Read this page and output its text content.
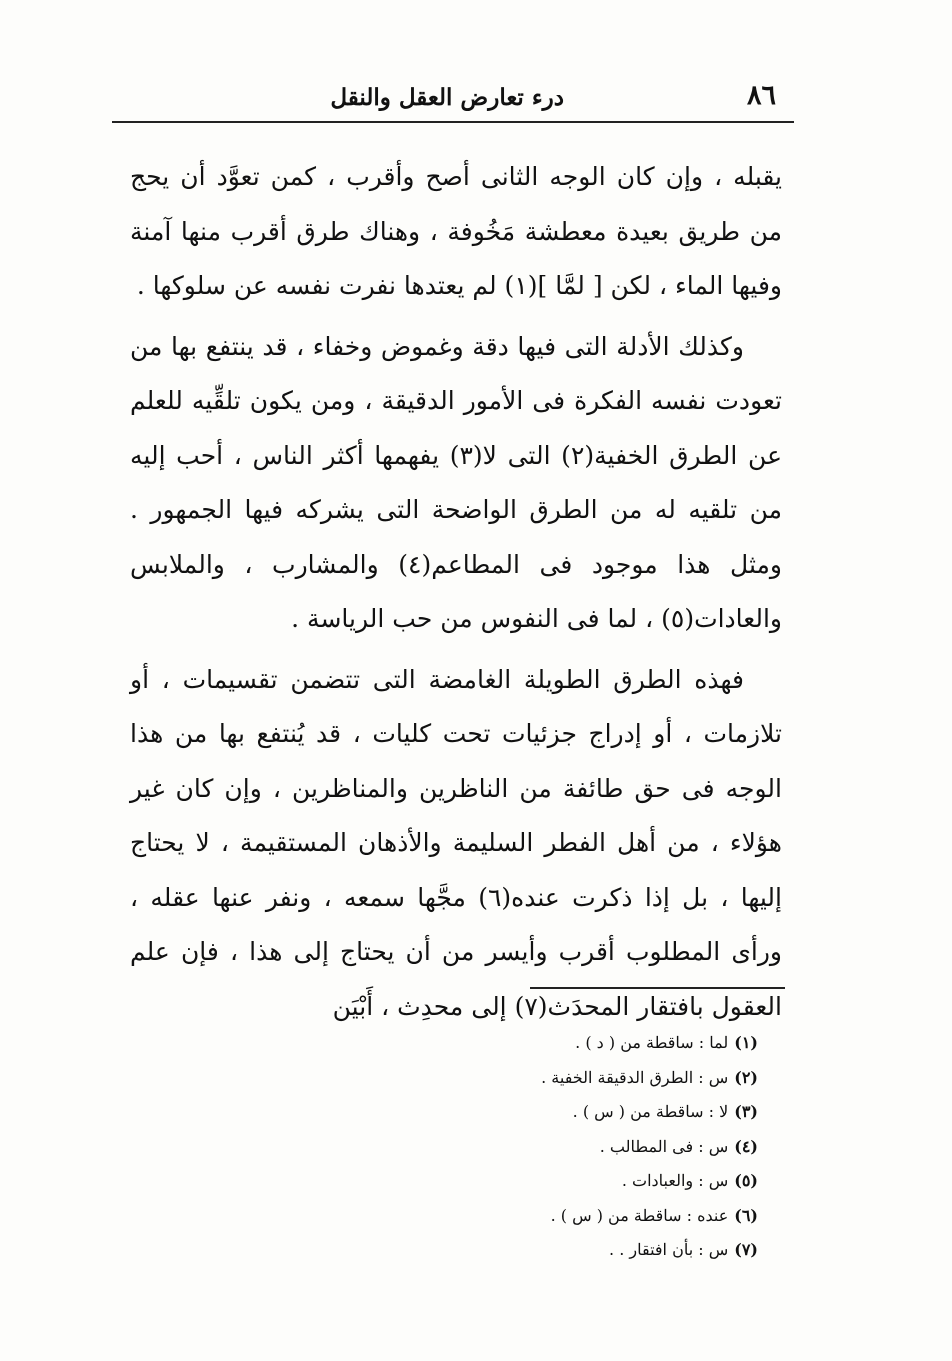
٨٦
درء تعارض العقل والنقل

يقبله ، وإن كان الوجه الثانى أصح وأقرب ، كمن تعوَّد أن يحج من طريق بعيدة معطشة مَخُوفة ، وهناك طرق أقرب منها آمنة وفيها الماء ، لكن [ لمَّا ](١) لم يعتدها نفرت نفسه عن سلوكها .

وكذلك الأدلة التى فيها دقة وغموض وخفاء ، قد ينتفع بها من تعودت نفسه الفكرة فى الأمور الدقيقة ، ومن يكون تلقِّيه للعلم عن الطرق الخفية(٢) التى لا(٣) يفهمها أكثر الناس ، أحب إليه من تلقيه له من الطرق الواضحة التى يشركه فيها الجمهور . ومثل هذا موجود فى المطاعم(٤) والمشارب ، والملابس والعادات(٥) ، لما فى النفوس من حب الرياسة .

فهذه الطرق الطويلة الغامضة التى تتضمن تقسيمات ، أو تلازمات ، أو إدراج جزئيات تحت كليات ، قد يُنتفع بها من هذا الوجه فى حق طائفة من الناظرين والمناظرين ، وإن كان غير هؤلاء ، من أهل الفطر السليمة والأذهان المستقيمة ، لا يحتاج إليها ، بل إذا ذكرت عنده(٦) مجَّها سمعه ، ونفر عنها عقله ، ورأى المطلوب أقرب وأيسر من أن يحتاج إلى هذا ، فإن علم العقول بافتقار المحدَث(٧) إلى محدِث ، أَبْيَن

(١)لما : ساقطة من ( د ) .
(٢)س : الطرق الدقيقة الخفية .
(٣)لا : ساقطة من ( س ) .
(٤)س : فى المطالب .
(٥)س : والعبادات .
(٦)عنده : ساقطة من ( س ) .
(٧)س : بأن افتقار . .
